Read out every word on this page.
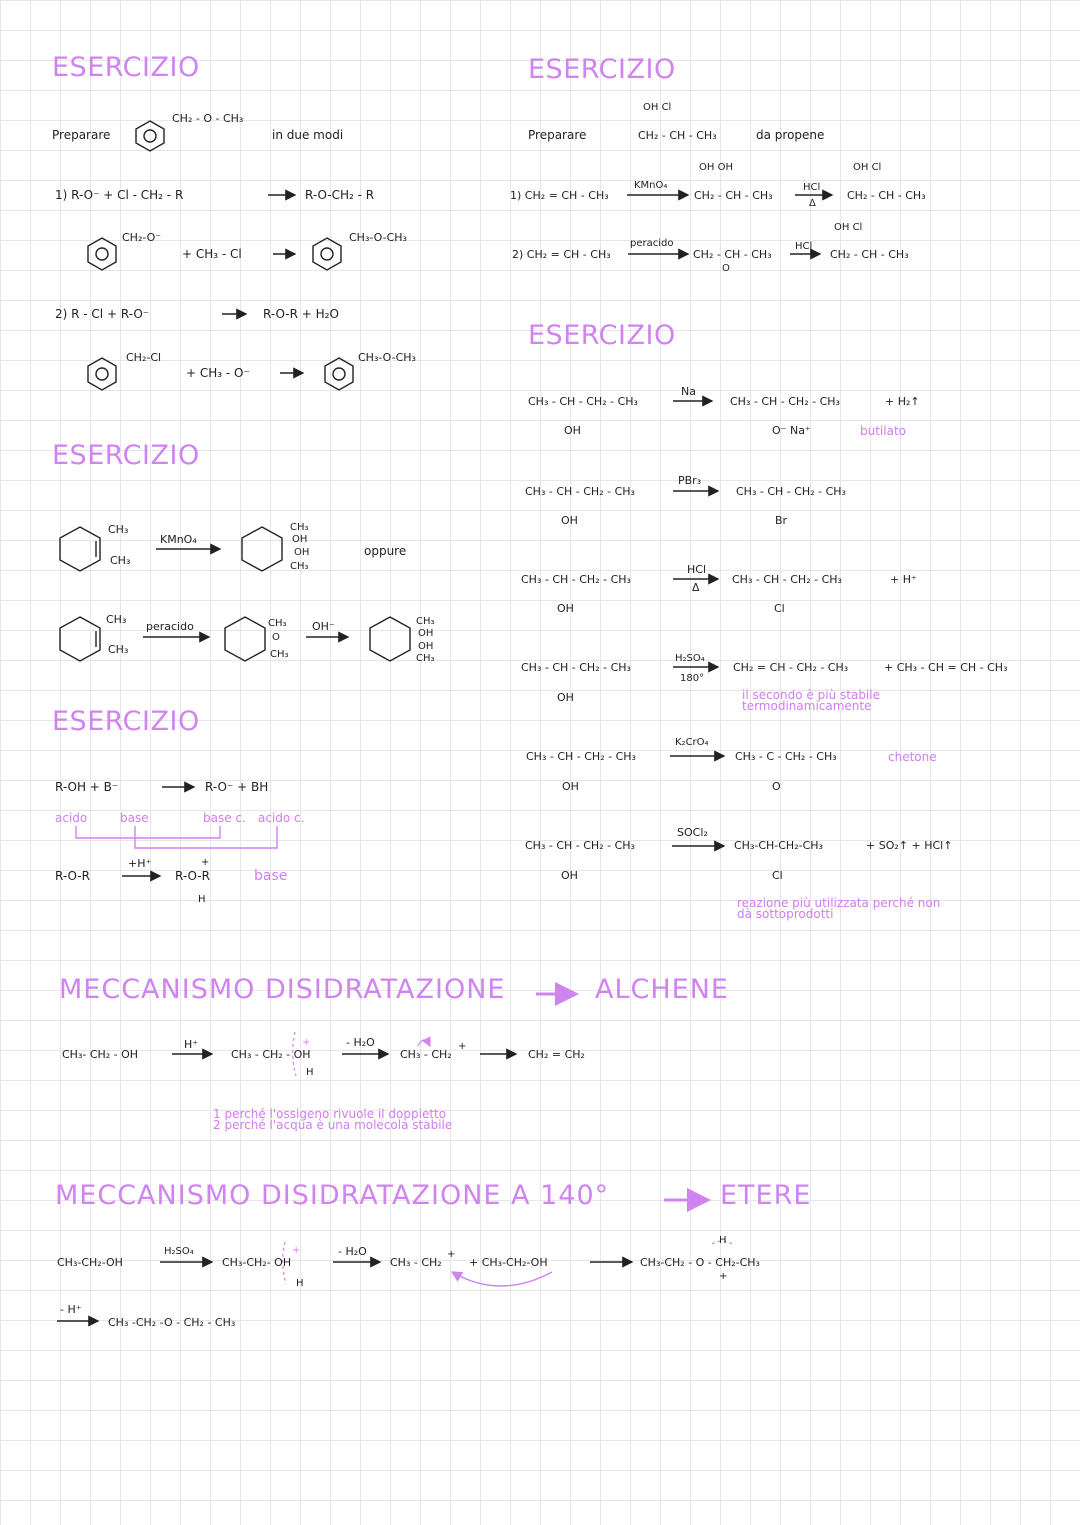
ESERCIZIO
Preparare
CH₂ - O - CH₃
in due modi
1) R-O⁻ + Cl - CH₂ - R	R-O-CH₂ - R
CH₂-O⁻
+ CH₃ - Cl
CH₃-O-CH₃
2) R - Cl + R-O⁻	R-O-R + H₂O
CH₂-Cl
+ CH₃ - O⁻
CH₃-O-CH₃
ESERCIZIO
CH₃
CH₃
KMnO₄
CH₃
OH
OH
CH₃
oppure
CH₃
CH₃
peracido	CH₃
O
CH₃
OH⁻	CH₃
OH
OH
CH₃
ESERCIZIO
R-OH + B⁻	R-O⁻ + BH
acido	base	base c. acido c.
R-O-R
+H⁺	+
R-O-R
H
base
ESERCIZIO
Preparare
OH Cl
CH₂ - CH - CH₃	da propene
1) CH₂ = CH - CH₃
KMnO₄
OH OH
CH₂ - CH - CH₃
HCl
Δ
OH Cl
CH₂ - CH - CH₃
2) CH₂ = CH - CH₃
peracido
CH₂ - CH - CH₃
O
HCl
OH Cl
CH₂ - CH - CH₃
ESERCIZIO
CH₃ - CH - CH₂ - CH₃
OH
Na
CH₃ - CH - CH₂ - CH₃
O⁻ Na⁺
+ H₂↑
butilato
CH₃ - CH - CH₂ - CH₃
OH
PBr₃
CH₃ - CH - CH₂ - CH₃
Br
CH₃ - CH - CH₂ - CH₃
OH
HCl
Δ
CH₃ - CH - CH₂ - CH₃
Cl
+ H⁺
CH₃ - CH - CH₂ - CH₃
OH
H₂SO₄
180°
CH₂ = CH - CH₂ - CH₃	+ CH₃ - CH = CH - CH₃
il secondo è più stabile termodinamicamente
CH₃ - CH - CH₂ - CH₃
OH
K₂CrO₄
CH₃ - C - CH₂ - CH₃
O
chetone
CH₃ - CH - CH₂ - CH₃
OH
SOCl₂
CH₃-CH-CH₂-CH₃
Cl
+ SO₂↑ + HCl↑
reazione più utilizzata perché non dà sottoprodotti
MECCANISMO DISIDRATAZIONE	ALCHENE
CH₃- CH₂ - OH
H⁺
CH₃ - CH₂ - OH
+
H
- H₂O
CH₃ - CH₂
+
CH₂ = CH₂
1 perché l'ossigeno rivuole il doppietto
2 perché l'acqua è una molecola stabile
MECCANISMO DISIDRATAZIONE A 140°	ETERE
CH₃-CH₂-OH
H₂SO₄
CH₃-CH₂- OH
+
H
- H₂O
CH₃ - CH₂
+
+ CH₃-CH₂-OH
H
CH₃-CH₂ - O - CH₂-CH₃
+
- H⁺
CH₃ -CH₂ -O - CH₂ - CH₃
